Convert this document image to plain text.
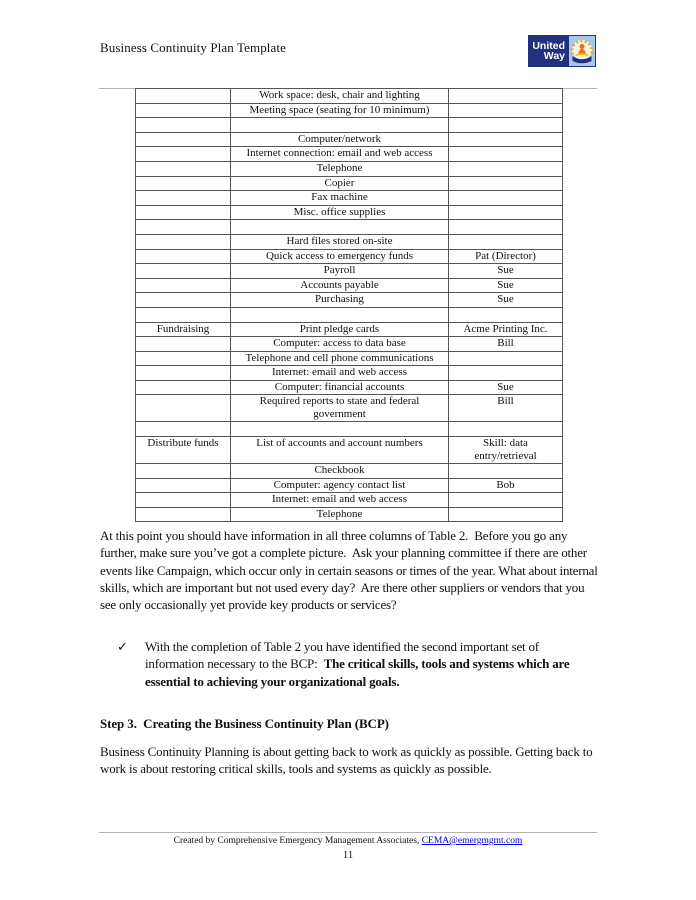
Business Continuity Plan Template	United
Way
	Work space: desk, chair and lighting	
	Meeting space (seating for 10 minimum)	

	Computer/network	
	Internet connection: email and web access	
	Telephone	
	Copier	
	Fax machine	
	Misc. office supplies	

	Hard files stored on-site	
	Quick access to emergency funds	Pat (Director)
	Payroll	Sue
	Accounts payable	Sue
	Purchasing	Sue

Fundraising	Print pledge cards	Acme Printing Inc.
	Computer: access to data base	Bill
	Telephone and cell phone communications	
	Internet: email and web access	
	Computer: financial accounts	Sue
	Required reports to state and federal government	Bill

Distribute funds	List of accounts and account numbers	Skill: data entry/retrieval
	Checkbook	
	Computer: agency contact list	Bob
	Internet: email and web access	
	Telephone	

At this point you should have information in all three columns of Table 2.  Before you go any further, make sure you’ve got a complete picture.  Ask your planning committee if there are other events like Campaign, which occur only in certain seasons or times of the year. What about internal skills, which are important but not used every day?  Are there other suppliers or vendors that you see only occasionally yet provide key products or services?

✓	With the completion of Table 2 you have identified the second important set of information necessary to the BCP:  The critical skills, tools and systems which are essential to achieving your organizational goals.
Step 3.  Creating the Business Continuity Plan (BCP)

Business Continuity Planning is about getting back to work as quickly as possible. Getting back to work is about restoring critical skills, tools and systems as quickly as possible.

Created by Comprehensive Emergency Management Associates, CEMA@emergmgmt.com
11
